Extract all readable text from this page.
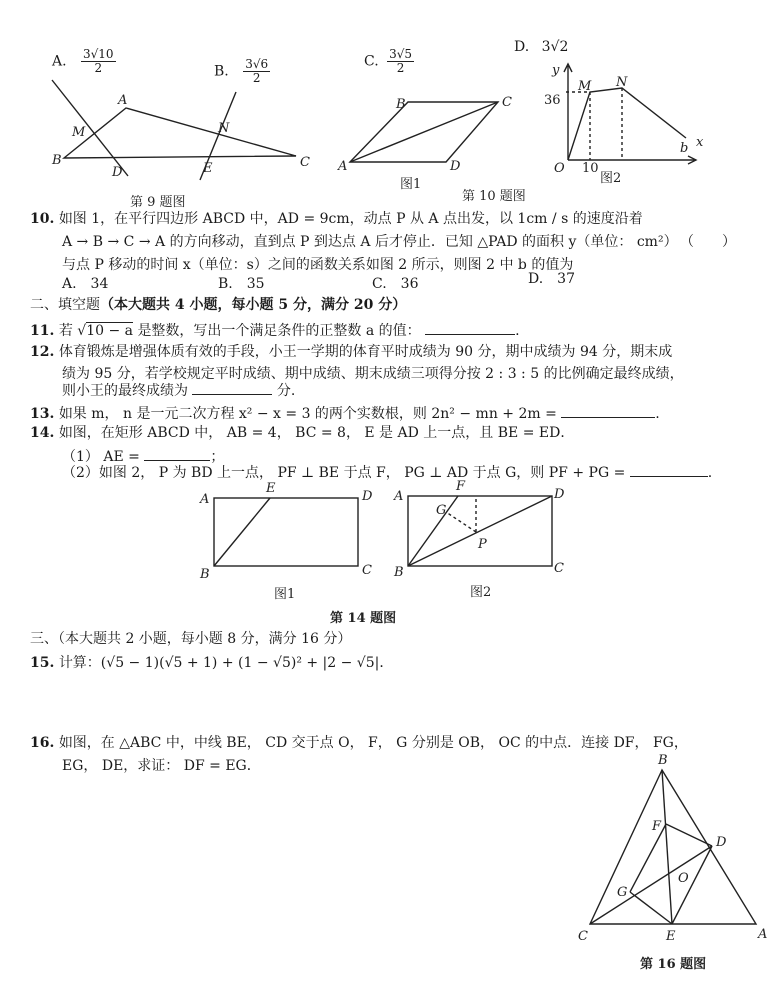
A. $\frac{3√10}{2}$	B. $\frac{3√6}{2}$	C. $\frac{3√5}{2}$
D. 3√2
A
B	C
D	E
M	N
第 9 题图
A
B	C
D
图1
y
x
O
M N
36
10
b
图2
第 10 题图
10. 如图 1，在平行四边形 ABCD 中，AD = 9cm，动点 P 从 A 点出发，以 1cm / s 的速度沿着
A → B → C → A 的方向移动，直到点 P 到达点 A 后才停止．已知 △PAD 的面积 y（单位： cm²） （　　）
与点 P 移动的时间 x（单位：s）之间的函数关系如图 2 所示，则图 2 中 b 的值为
A.　34	B.　35	C.　36	D.　37
二、填空题（本大题共 4 小题，每小题 5 分，满分 20 分）
11. 若 √10 − a 是整数，写出一个满足条件的正整数 a 的值：	.
12. 体育锻炼是增强体质有效的手段，小王一学期的体育平时成绩为 90 分，期中成绩为 94 分，期末成
绩为 95 分，若学校规定平时成绩、期中成绩、期末成绩三项得分按 2 : 3 : 5 的比例确定最终成绩，
则小王的最终成绩为	分.
13. 如果 m， n 是一元二次方程 x² − x = 3 的两个实数根，则 2n² − mn + 2m =	.
14. 如图，在矩形 ABCD 中， AB = 4， BC = 8， E 是 AD 上一点，且 BE = ED．
（1） AE =	；
（2）如图 2， P 为 BD 上一点， PF ⊥ BE 于点 F， PG ⊥ AD 于点 G，则 PF + PG =	.
A
B	C
D
E
A
B	C
D
F
G
P
图1	图2
第 14 题图
三、（本大题共 2 小题，每小题 8 分，满分 16 分）
15. 计算：(√5 − 1)(√5 + 1) + (1 − √5)² + |2 − √5|．
16. 如图，在 △ABC 中，中线 BE， CD 交于点 O， F， G 分别是 OB， OC 的中点．连接 DF， FG，
EG， DE，求证： DF = EG．	B
C	A
D
E
F
G
O
第 16 题图
